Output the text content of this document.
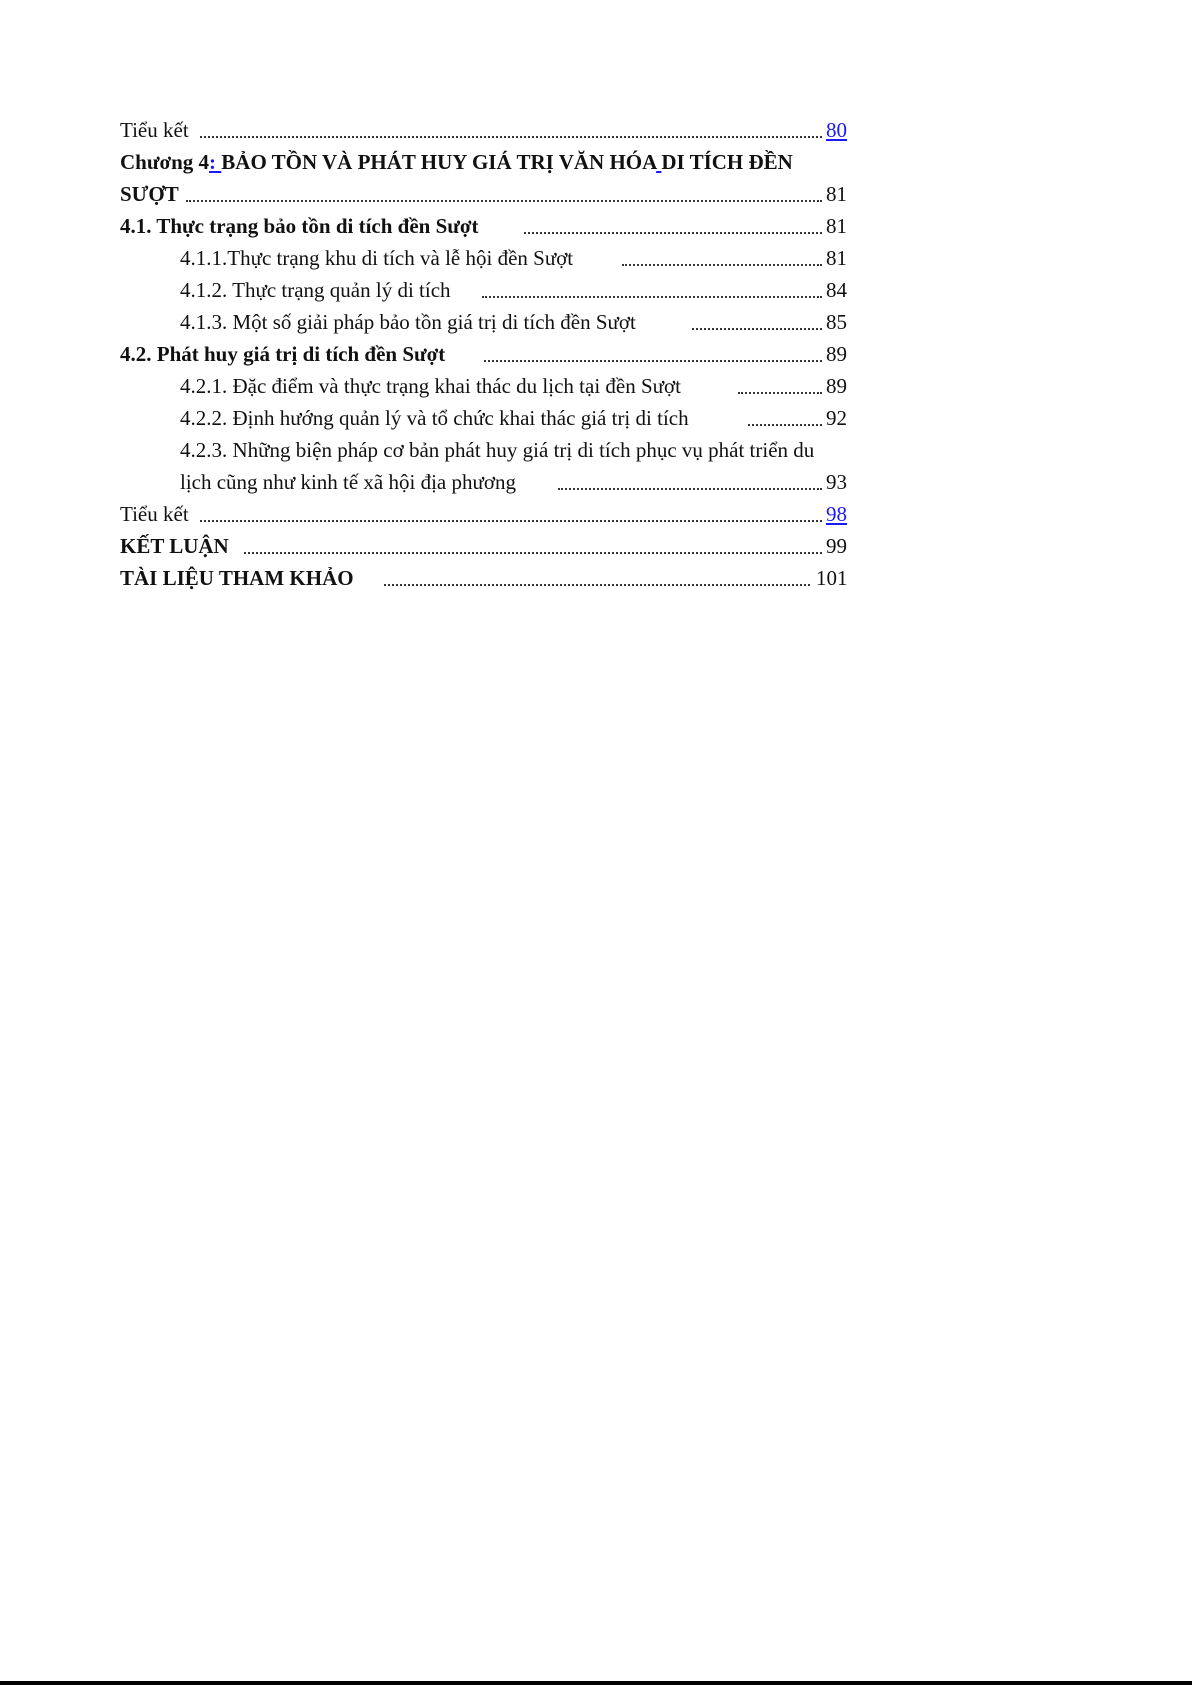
Tiểu kết	80
Chương 4: BẢO TỒN VÀ PHÁT HUY GIÁ TRỊ VĂN HÓA DI TÍCH ĐỀN
SƯỢT	81
4.1. Thực trạng bảo tồn di tích đền Sượt	81
4.1.1.Thực trạng khu di tích và lễ hội đền Sượt	81
4.1.2. Thực trạng quản lý di tích	84
4.1.3. Một số giải pháp bảo tồn giá trị di tích đền Sượt	85
4.2. Phát huy giá trị di tích đền Sượt	89
4.2.1. Đặc điểm và thực trạng khai thác du lịch tại đền Sượt	89
4.2.2. Định hướng quản lý và tổ chức khai thác giá trị di tích	92
4.2.3. Những biện pháp cơ bản phát huy giá trị di tích phục vụ phát triển du
lịch cũng như kinh tế xã hội địa phương	93
Tiểu kết	98
KẾT LUẬN	99
TÀI LIỆU THAM KHẢO	101
